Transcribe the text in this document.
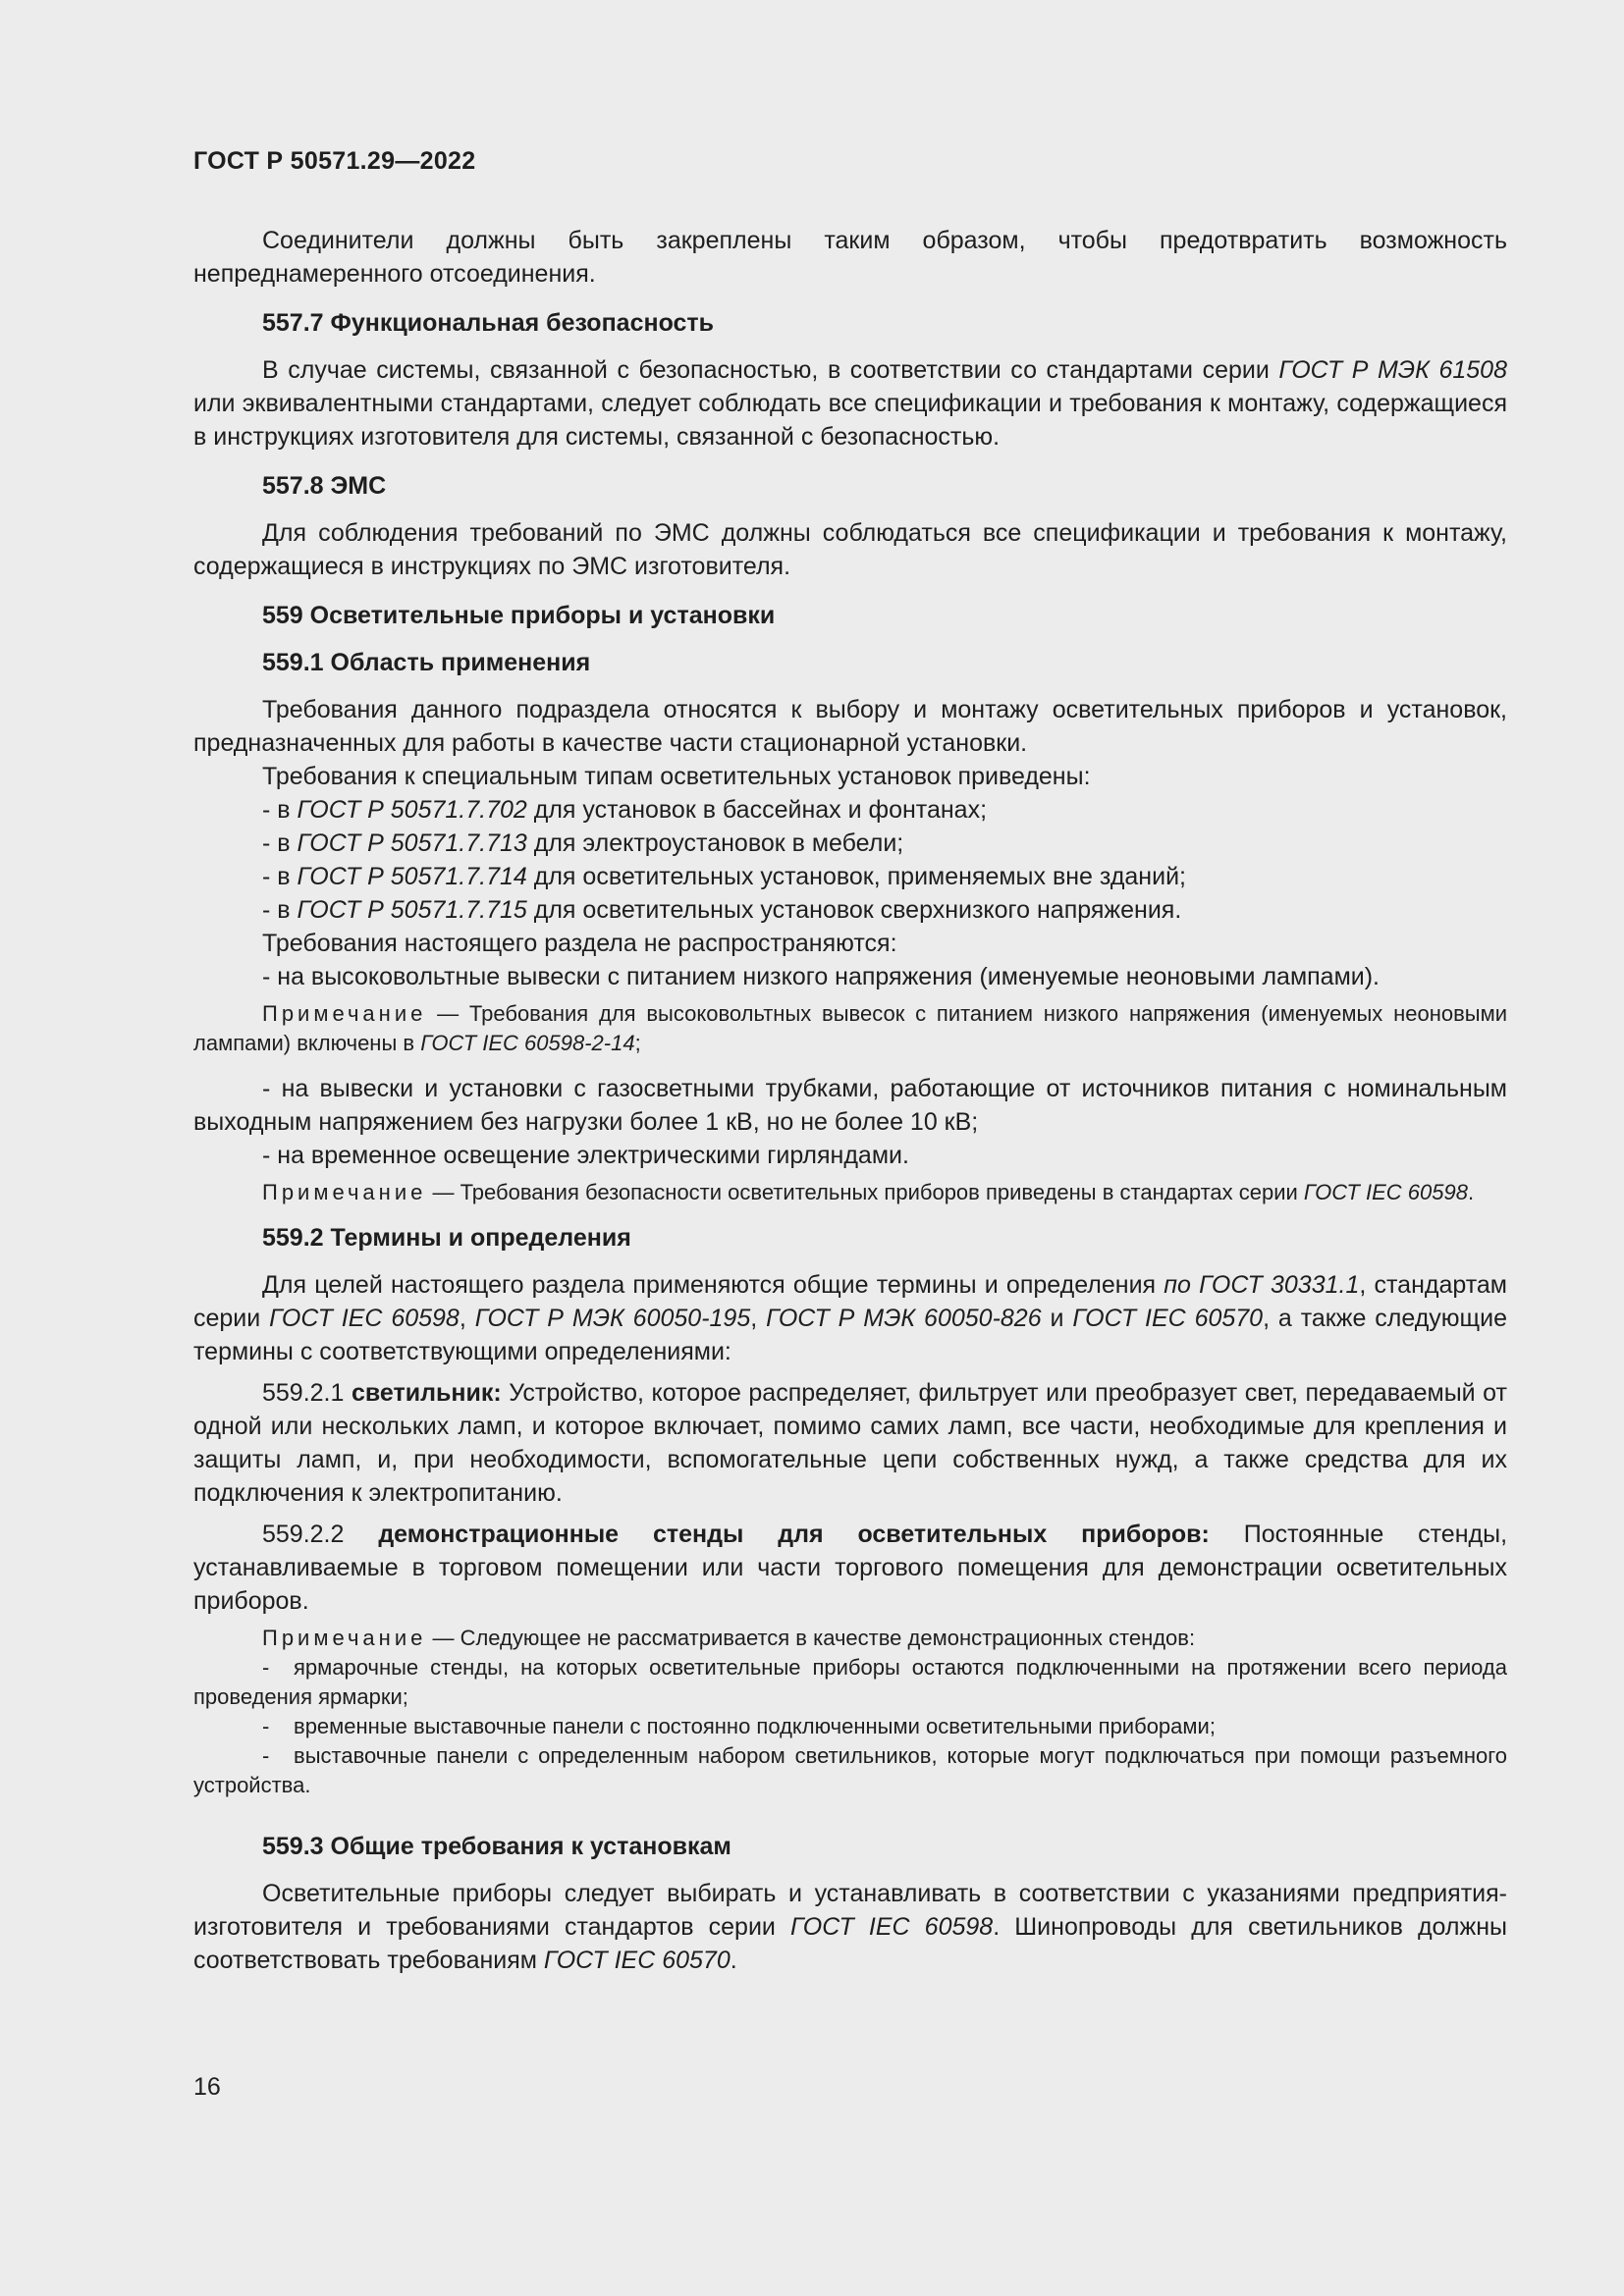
ГОСТ Р 50571.29—2022

Соединители должны быть закреплены таким образом, чтобы предотвратить возможность непреднамеренного отсоединения.

557.7 Функциональная безопасность

В случае системы, связанной с безопасностью, в соответствии со стандартами серии ГОСТ Р МЭК 61508 или эквивалентными стандартами, следует соблюдать все спецификации и требования к монтажу, содержащиеся в инструкциях изготовителя для системы, связанной с безопасностью.

557.8 ЭМС

Для соблюдения требований по ЭМС должны соблюдаться все спецификации и требования к монтажу, содержащиеся в инструкциях по ЭМС изготовителя.

559 Осветительные приборы и установки
559.1 Область применения

Требования данного подраздела относятся к выбору и монтажу осветительных приборов и установок, предназначенных для работы в качестве части стационарной установки.

Требования к специальным типам осветительных установок приведены:

- в ГОСТ Р 50571.7.702 для установок в бассейнах и фонтанах;

- в ГОСТ Р 50571.7.713 для электроустановок в мебели;

- в ГОСТ Р 50571.7.714 для осветительных установок, применяемых вне зданий;

- в ГОСТ Р 50571.7.715 для осветительных установок сверхнизкого напряжения.

Требования настоящего раздела не распространяются:

- на высоковольтные вывески с питанием низкого напряжения (именуемые неоновыми лампами).

Примечание — Требования для высоковольтных вывесок с питанием низкого напряжения (именуемых неоновыми лампами) включены в ГОСТ IEC 60598-2-14;

- на вывески и установки с газосветными трубками, работающие от источников питания с номинальным выходным напряжением без нагрузки более 1 кВ, но не более 10 кВ;

- на временное освещение электрическими гирляндами.

Примечание — Требования безопасности осветительных приборов приведены в стандартах серии ГОСТ IEC 60598.

559.2 Термины и определения

Для целей настоящего раздела применяются общие термины и определения по ГОСТ 30331.1, стандартам серии ГОСТ IEC 60598, ГОСТ Р МЭК 60050-195, ГОСТ Р МЭК 60050-826 и ГОСТ IEC 60570, а также следующие термины с соответствующими определениями:

559.2.1 светильник: Устройство, которое распределяет, фильтрует или преобразует свет, передаваемый от одной или нескольких ламп, и которое включает, помимо самих ламп, все части, необходимые для крепления и защиты ламп, и, при необходимости, вспомогательные цепи собственных нужд, а также средства для их подключения к электропитанию.

559.2.2 демонстрационные стенды для осветительных приборов: Постоянные стенды, устанавливаемые в торговом помещении или части торгового помещения для демонстрации осветительных приборов.

Примечание — Следующее не рассматривается в качестве демонстрационных стендов:

- ярмарочные стенды, на которых осветительные приборы остаются подключенными на протяжении всего периода проведения ярмарки;

- временные выставочные панели с постоянно подключенными осветительными приборами;

- выставочные панели с определенным набором светильников, которые могут подключаться при помощи разъемного устройства.

559.3 Общие требования к установкам

Осветительные приборы следует выбирать и устанавливать в соответствии с указаниями предприятия-изготовителя и требованиями стандартов серии ГОСТ IEC 60598. Шинопроводы для светильников должны соответствовать требованиям ГОСТ IEC 60570.

16
